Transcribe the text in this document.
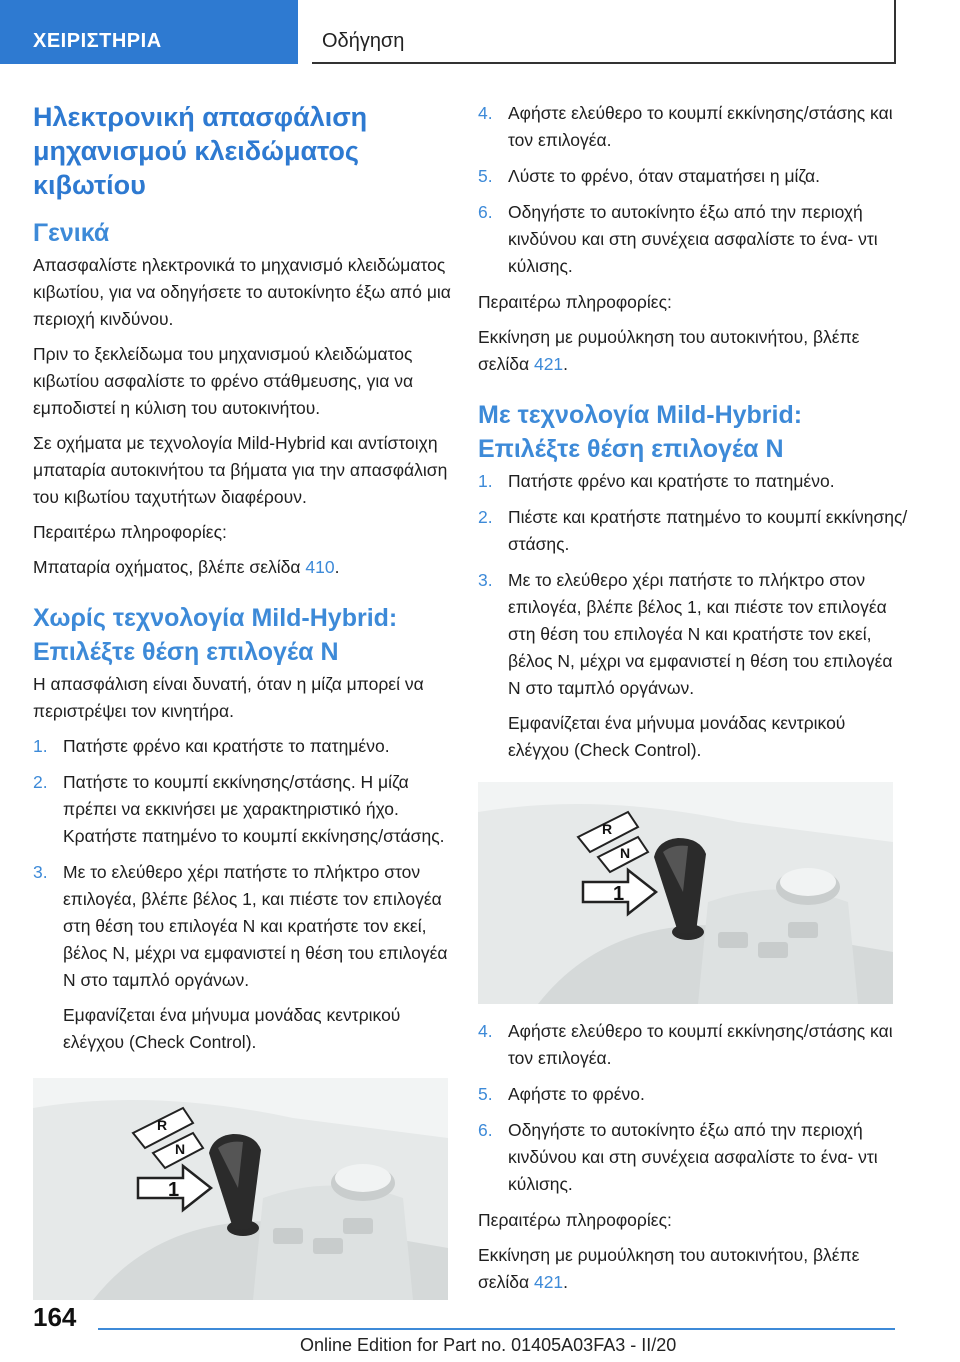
ΧΕΙΡΙΣΤΗΡΙΑ	Οδήγηση
Ηλεκτρονική απασφάλιση μηχανισμού κλειδώματος κιβωτίου
Γενικά

Απασφαλίστε ηλεκτρονικά το μηχανισμό κλειδώματος κιβωτίου, για να οδηγήσετε το αυτοκίνητο έξω από μια περιοχή κινδύνου.

Πριν το ξεκλείδωμα του μηχανισμού κλειδώματος κιβωτίου ασφαλίστε το φρένο στάθμευσης, για να εμποδιστεί η κύλιση του αυτοκινήτου.

Σε οχήματα με τεχνολογία Mild-Hybrid και αντίστοιχη μπαταρία αυτοκινήτου τα βήματα για την απασφάλιση του κιβωτίου ταχυτήτων διαφέρουν.

Περαιτέρω πληροφορίες:

Μπαταρία οχήματος, βλέπε σελίδα 410.

Χωρίς τεχνολογία Mild-Hybrid: Επιλέξτε θέση επιλογέα N

Η απασφάλιση είναι δυνατή, όταν η μίζα μπορεί να περιστρέψει τον κινητήρα.

1. Πατήστε φρένο και κρατήστε το πατημένο.
2. Πατήστε το κουμπί εκκίνησης/στάσης. Η μίζα πρέπει να εκκινήσει με χαρακτηριστικό ήχο. Κρατήστε πατημένο το κουμπί εκκίνησης/στάσης.
3. Με το ελεύθερο χέρι πατήστε το πλήκτρο στον επιλογέα, βλέπε βέλος 1, και πιέστε τον επιλογέα στη θέση του επιλογέα N και κρατήστε τον εκεί, βέλος N, μέχρι να εμφανιστεί η θέση του επιλογέα N στο ταμπλό οργάνων.
Εμφανίζεται ένα μήνυμα μονάδας κεντρικού ελέγχου (Check Control).
R
N
1
4. Αφήστε ελεύθερο το κουμπί εκκίνησης/στάσης και τον επιλογέα.
5. Λύστε το φρένο, όταν σταματήσει η μίζα.
6. Οδηγήστε το αυτοκίνητο έξω από την περιοχή κινδύνου και στη συνέχεια ασφαλίστε το ένα- ντι κύλισης.

Περαιτέρω πληροφορίες:

Εκκίνηση με ρυμούλκηση του αυτοκινήτου, βλέπε σελίδα 421.

Με τεχνολογία Mild-Hybrid: Επιλέξτε θέση επιλογέα N
1. Πατήστε φρένο και κρατήστε το πατημένο.
2. Πιέστε και κρατήστε πατημένο το κουμπί εκκίνησης/στάσης.
3. Με το ελεύθερο χέρι πατήστε το πλήκτρο στον επιλογέα, βλέπε βέλος 1, και πιέστε τον επιλογέα στη θέση του επιλογέα N και κρατήστε τον εκεί, βέλος N, μέχρι να εμφανιστεί η θέση του επιλογέα N στο ταμπλό οργάνων.
Εμφανίζεται ένα μήνυμα μονάδας κεντρικού ελέγχου (Check Control).
R
N
1
4. Αφήστε ελεύθερο το κουμπί εκκίνησης/στάσης και τον επιλογέα.
5. Αφήστε το φρένο.
6. Οδηγήστε το αυτοκίνητο έξω από την περιοχή κινδύνου και στη συνέχεια ασφαλίστε το ένα- ντι κύλισης.

Περαιτέρω πληροφορίες:

Εκκίνηση με ρυμούλκηση του αυτοκινήτου, βλέπε σελίδα 421.

164
Online Edition for Part no. 01405A03FA3 - II/20
